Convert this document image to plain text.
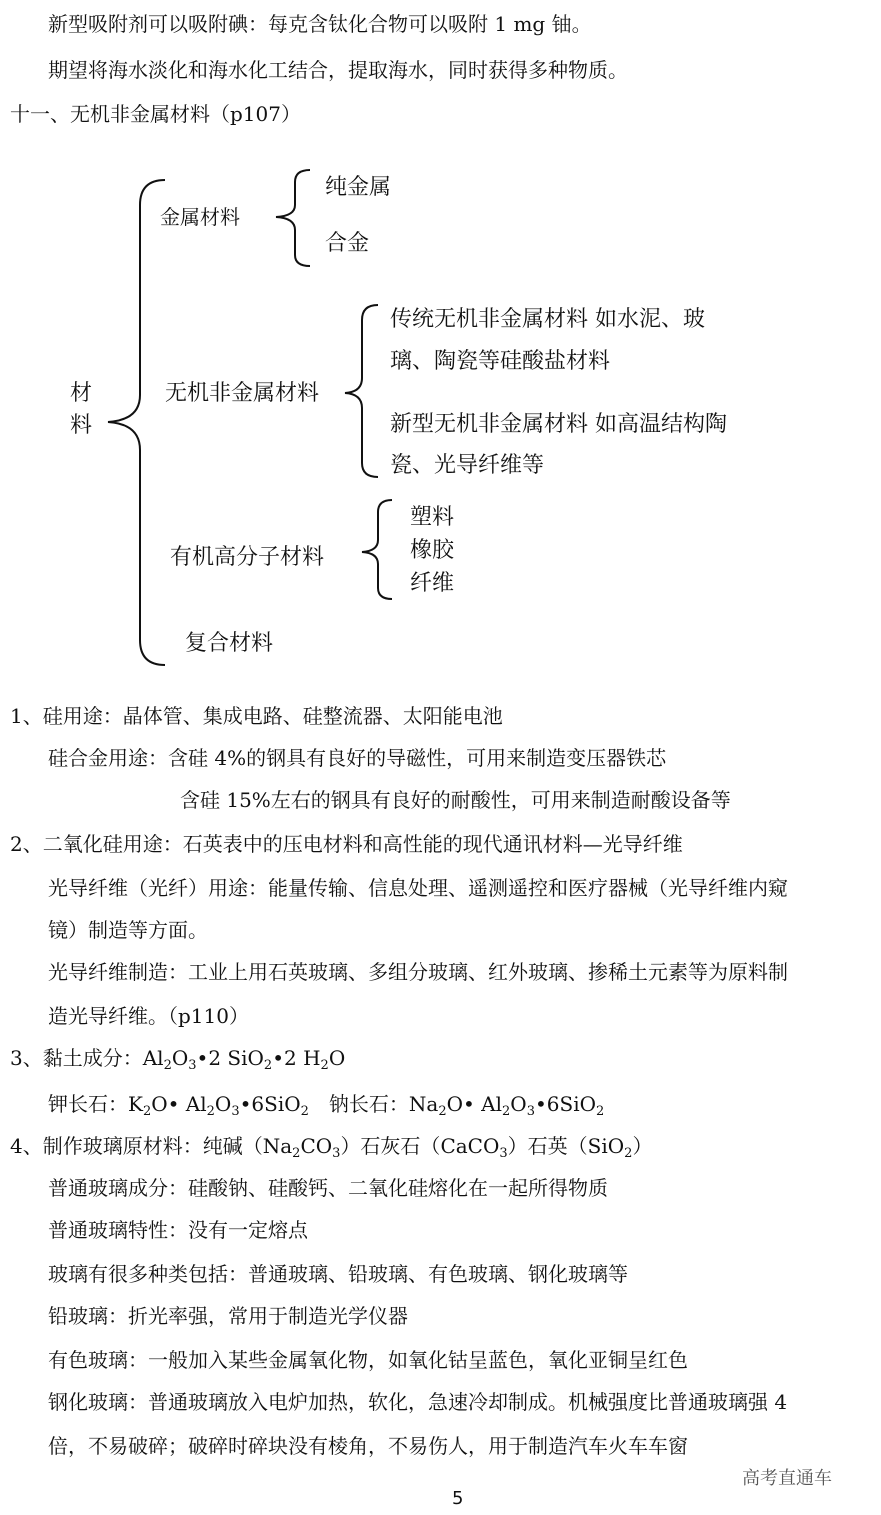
新型吸附剂可以吸附碘：每克含钛化合物可以吸附 1 mg 铀。
期望将海水淡化和海水化工结合，提取海水，同时获得多种物质。
十一、无机非金属材料（p107）
材
料
金属材料
纯金属
合金
无机非金属材料
传统无机非金属材料 如水泥、玻
璃、陶瓷等硅酸盐材料
新型无机非金属材料 如高温结构陶
瓷、光导纤维等
有机高分子材料
塑料
橡胶
纤维
复合材料
1、硅用途：晶体管、集成电路、硅整流器、太阳能电池
硅合金用途：含硅 4%的钢具有良好的导磁性，可用来制造变压器铁芯
含硅 15%左右的钢具有良好的耐酸性，可用来制造耐酸设备等
2、二氧化硅用途：石英表中的压电材料和高性能的现代通讯材料—光导纤维
光导纤维（光纤）用途：能量传输、信息处理、遥测遥控和医疗器械（光导纤维内窥
镜）制造等方面。
光导纤维制造：工业上用石英玻璃、多组分玻璃、红外玻璃、掺稀土元素等为原料制
造光导纤维。（p110）
3、黏土成分：$Al_2O_3•2$ SiO$_2$•2 $H_2O$
钾长石：$K_2O•$ $Al_2O_3•6SiO_2$ 钠长石：$Na_2O•$ $Al_2O_3•6SiO_2$
4、制作玻璃原材料：纯碱$(Na_2CO_3)$石灰石（CaCO$_3$）石英（SiO$_2$）
普通玻璃成分：硅酸钠、硅酸钙、二氧化硅熔化在一起所得物质
普通玻璃特性：没有一定熔点
玻璃有很多种类包括：普通玻璃、铅玻璃、有色玻璃、钢化玻璃等
铅玻璃：折光率强，常用于制造光学仪器
有色玻璃：一般加入某些金属氧化物，如氧化钴呈蓝色，氧化亚铜呈红色
钢化玻璃：普通玻璃放入电炉加热，软化，急速冷却制成。机械强度比普通玻璃强 4
倍，不易破碎；破碎时碎块没有棱角，不易伤人，用于制造汽车火车车窗
高考直通车
5
